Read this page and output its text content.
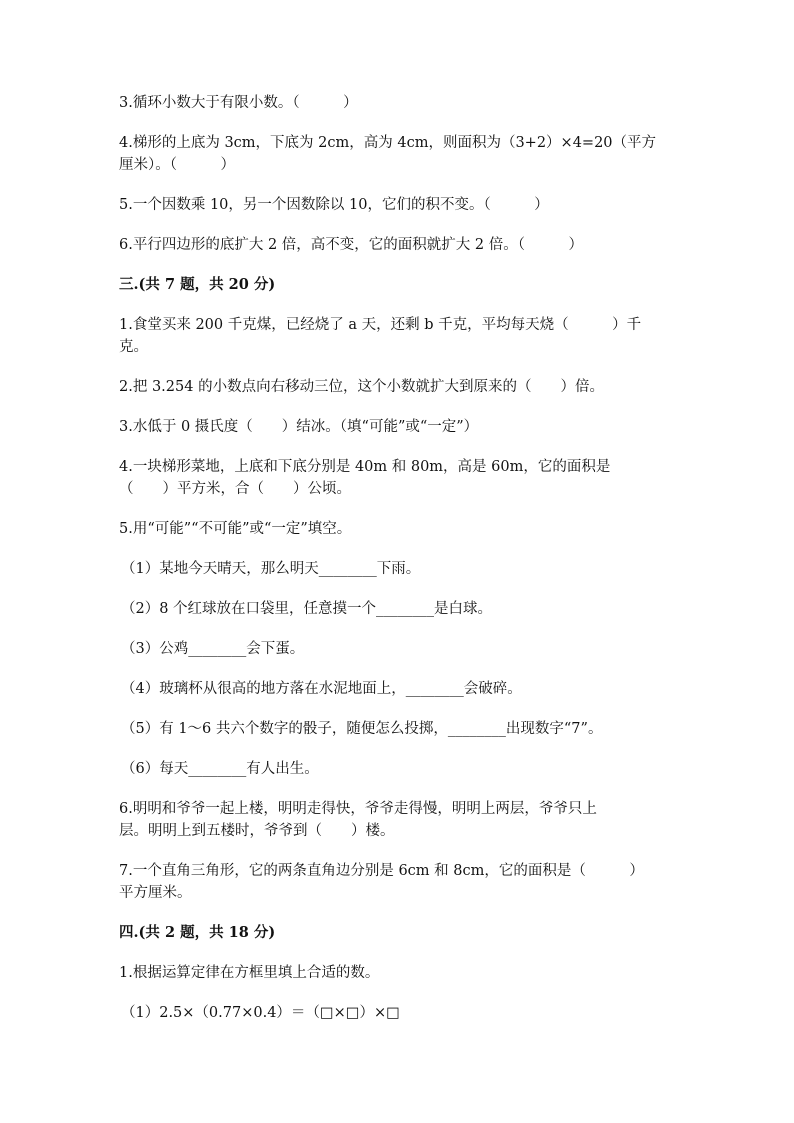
3.循环小数大于有限小数。（　　　）
4.梯形的上底为 3cm，下底为 2cm，高为 4cm，则面积为（3+2）×4=20（平方
厘米）。（　　　）
5.一个因数乘 10，另一个因数除以 10，它们的积不变。（　　　）
6.平行四边形的底扩大 2 倍，高不变，它的面积就扩大 2 倍。（　　　）
三.(共 7 题，共 20 分)
1.食堂买来 200 千克煤，已经烧了 a 天，还剩 b 千克，平均每天烧（　　　）千
克。
2.把 3.254 的小数点向右移动三位，这个小数就扩大到原来的（　　）倍。
3.水低于 0 摄氏度（　　）结冰。（填“可能”或“一定”）
4.一块梯形菜地，上底和下底分别是 40m 和 80m，高是 60m，它的面积是
（　　）平方米，合（　　）公顷。
5.用“可能”“不可能”或“一定”填空。
（1）某地今天晴天，那么明天________下雨。
（2）8 个红球放在口袋里，任意摸一个________是白球。
（3）公鸡________会下蛋。
（4）玻璃杯从很高的地方落在水泥地面上，________会破碎。
（5）有 1～6 共六个数字的骰子，随便怎么投掷，________出现数字“7”。
（6）每天________有人出生。
6.明明和爷爷一起上楼，明明走得快，爷爷走得慢，明明上两层，爷爷只上
层。明明上到五楼时，爷爷到（　　）楼。
7.一个直角三角形，它的两条直角边分别是 6cm 和 8cm，它的面积是（　　　）
平方厘米。
四.(共 2 题，共 18 分)
1.根据运算定律在方框里填上合适的数。
（1）2.5×（0.77×0.4）＝（□×□）×□
